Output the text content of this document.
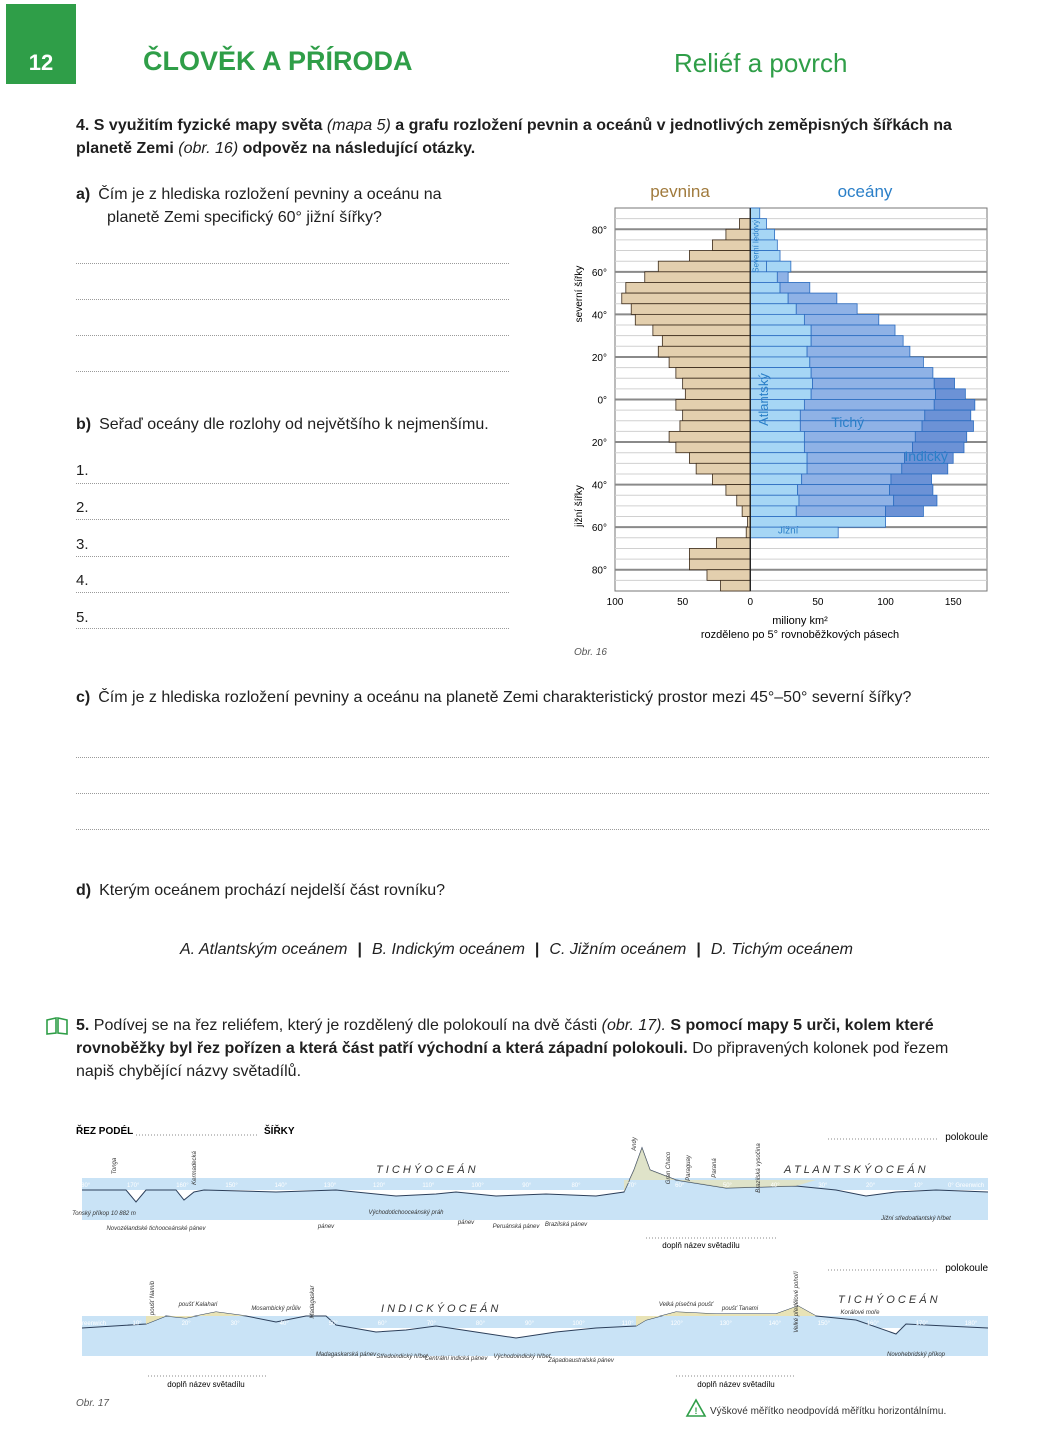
12	ČLOVĚK A PŘÍRODA	Reliéf a povrch
4. S využitím fyzické mapy světa (mapa 5) a grafu rozložení pevnin a oceánů v jednotlivých zeměpisných šířkách na planetě Zemi (obr. 16) odpověz na následující otázky.
a) Čím je z hlediska rozložení pevniny a oceánu na
planetě Zemi specifický 60° jižní šířky?
b) Seřaď oceány dle rozlohy od největšího k nejmenšímu.
1.
2.
3.
4.
5.
80°
60°
40°
20°
0°
20°
40°
60°
80°
100	50	0	50	100	150
pevnina	oceány
severní šířky
jižní šířky
miliony km²
rozděleno po 5° rovnoběžkových pásech
Obr. 16
Severní ledový
Atlantský	Tichý
Indický
Jižní
c) Čím je z hlediska rozložení pevniny a oceánu na planetě Zemi charakteristický prostor mezi 45°–50° severní šířky?
d) Kterým oceánem prochází nejdelší část rovníku?
A. Atlantským oceánem | B. Indickým oceánem | C. Jižním oceánem | D. Tichým oceánem
5. Podívej se na řez reliéfem, který je rozdělený dle polokoulí na dvě části (obr. 17). S pomocí mapy 5 urči, kolem které rovnoběžky byl řez pořízen a která část patří východní a která západní polokouli. Do připravených kolonek pod řezem napiš chybějící názvy světadílů.
ŘEZ PODÉL	ŠÍŘKY
polokoule
T I C H Ý O C E Á N	A T L A N T S K Ý O C E Á N
180°	170°	160°	150°	140°	130°	120°	110°	100°	90°	80°	70°	60°	50°	40°	30°	20°	10°	0° Greenwich
Tonga
Tonský příkop 10 882 m
Kermadecká
Novozélandské tichooceánské pánev	pánev
Východotichooceánský práh
pánev
Peruánská pánev
Andy
Gran Chaco	Paraná
Paraguay	Brazilská vysočina
Brazilská pánev
Jižní středoatlantský hřbet
doplň název světadílu
polokoule
I N D I C K Ý O C E Á N
T I C H Ý O C E Á N
0° Greenwich	10°	20°	30°	40°	50°	60°	70°	80°	90°	100°	110°	120°	130°	140°	150°	160°	170°	180°
poušť Namib	poušť Kalahari
Mosambický průliv Madagaskar
Madagaskarská pánev Středoindický hřbet
Centrální indická pánev Východoindický hřbet
Západoaustralská pánev
Velká písečná poušť
poušť Tanami	Velké předělové pohoří	Korálové moře
Novohebridský příkop
doplň název světadílu	doplň název světadílu
Obr. 17
! Výškové měřítko neodpovídá měřítku horizontálnímu.
